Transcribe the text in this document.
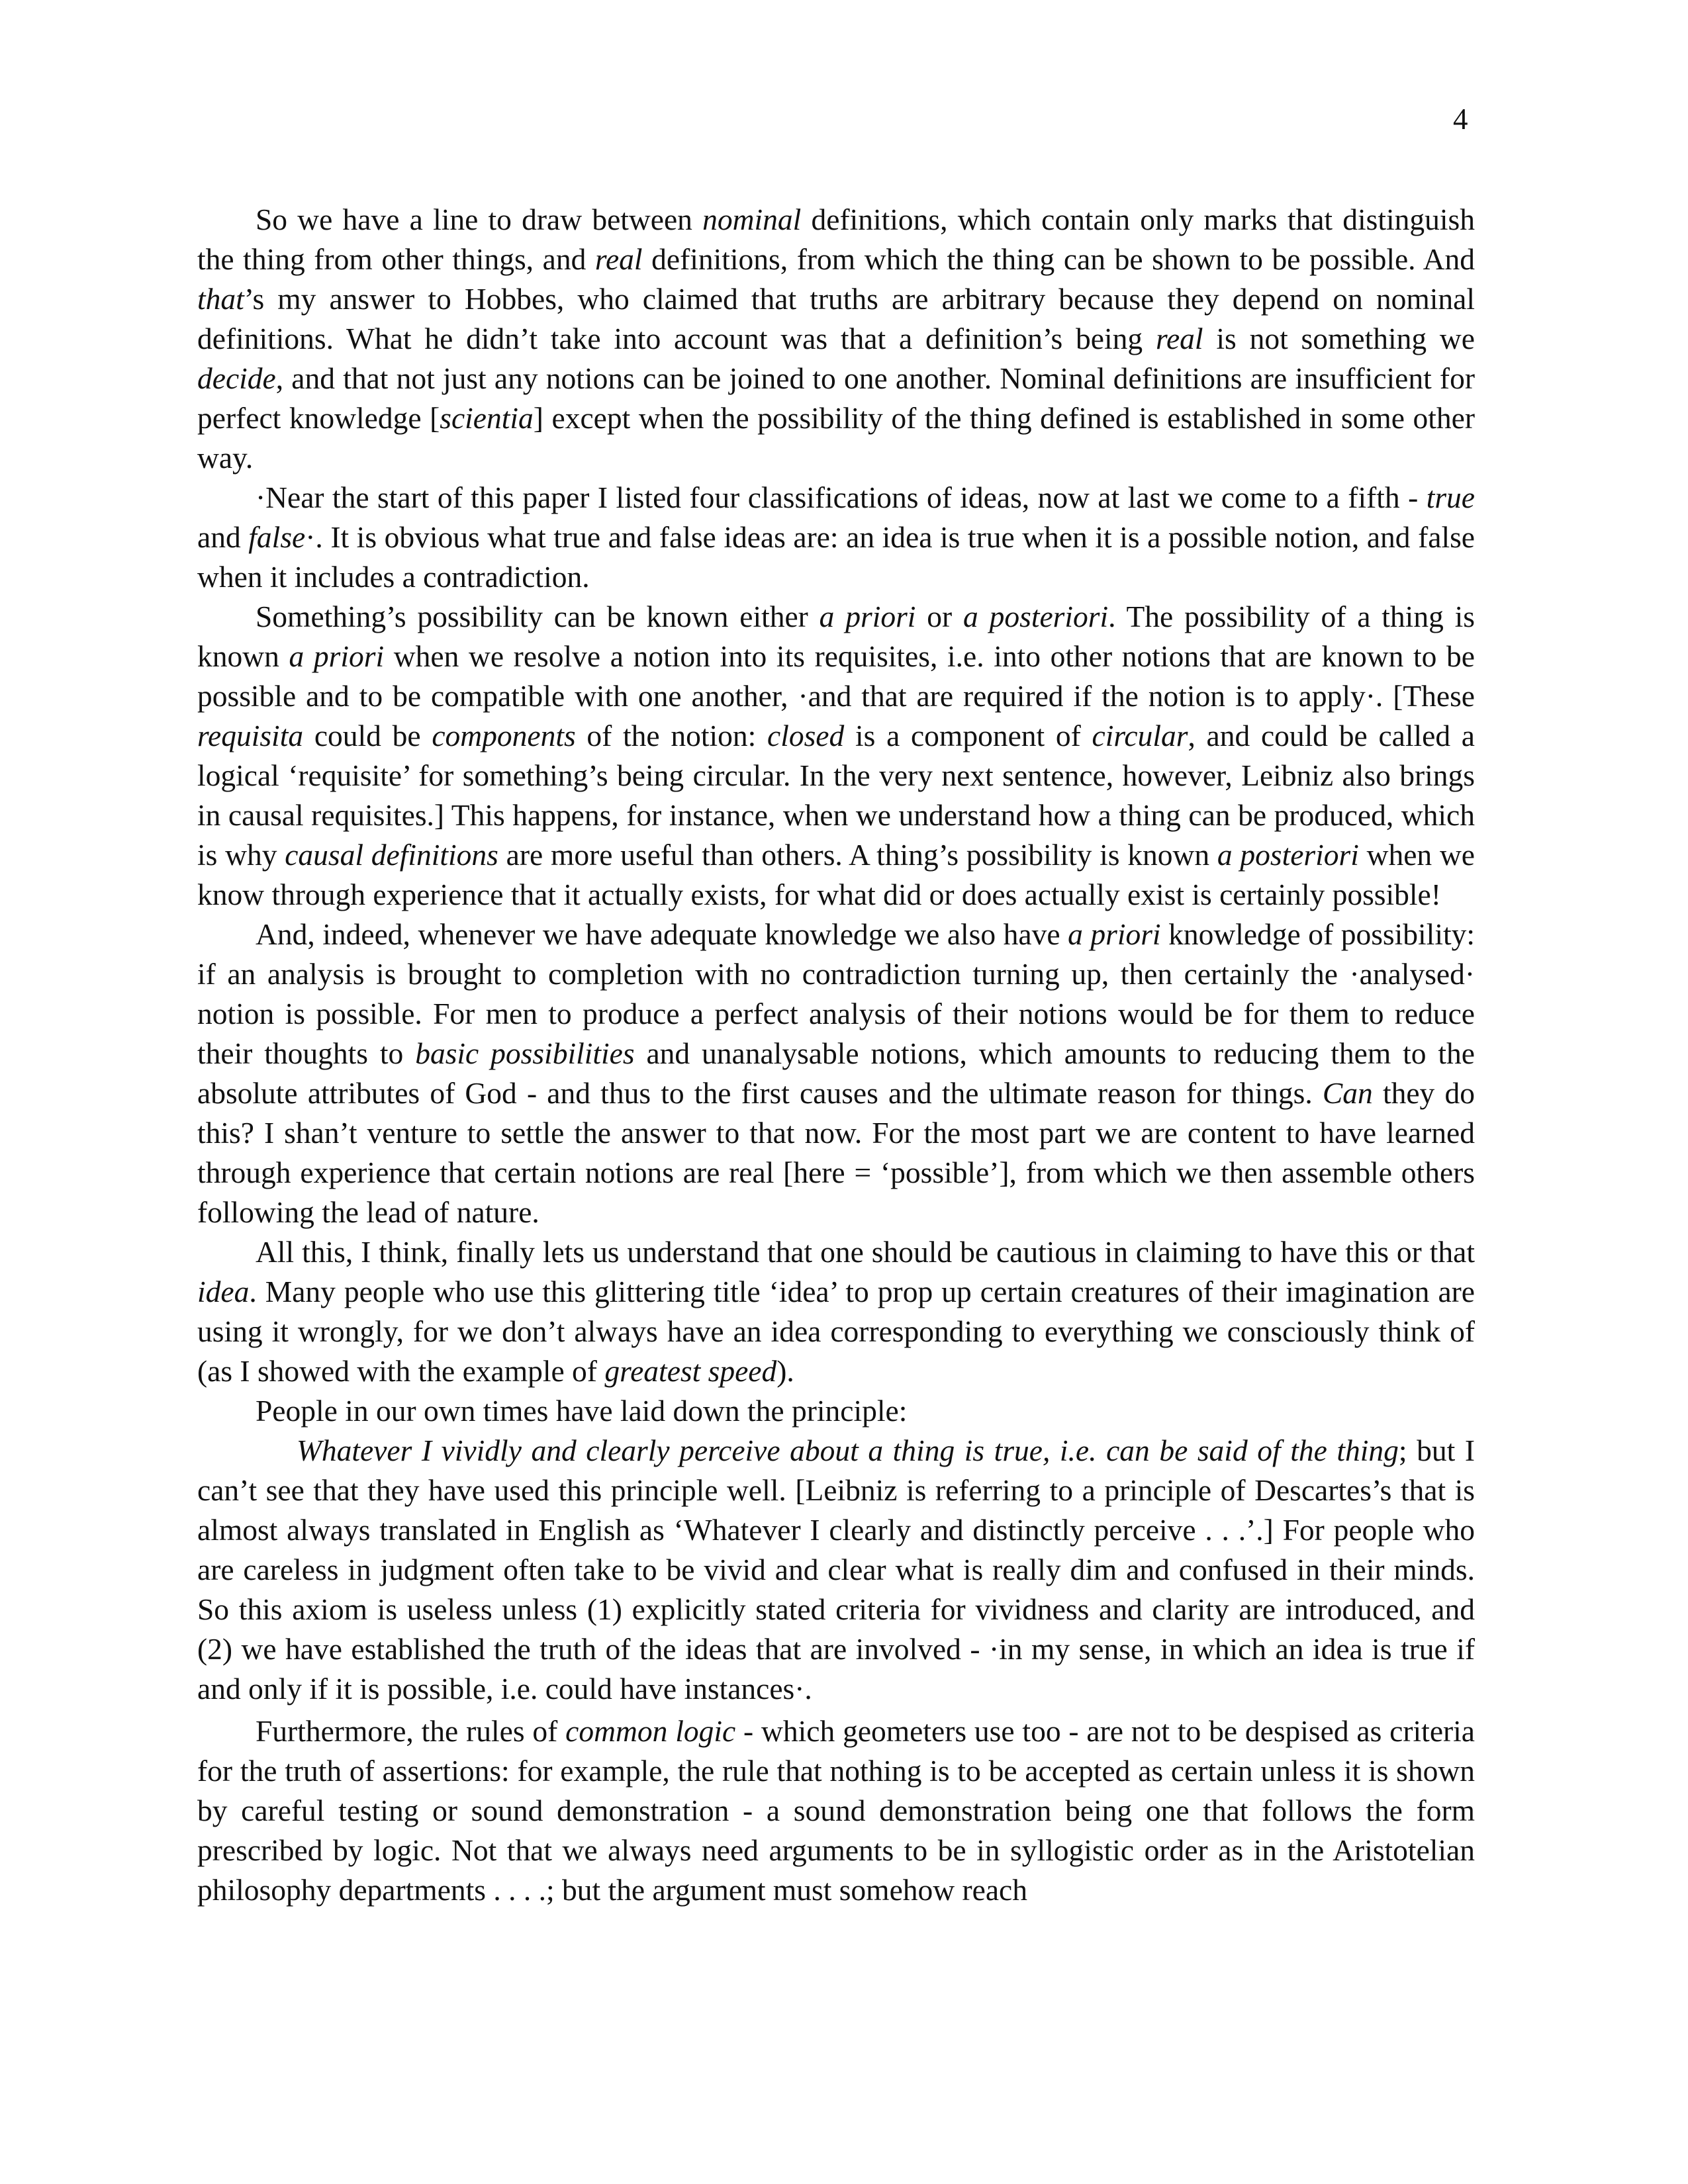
4

So we have a line to draw between nominal definitions, which contain only marks that distinguish the thing from other things, and real definitions, from which the thing can be shown to be possible. And that’s my answer to Hobbes, who claimed that truths are arbitrary because they depend on nominal definitions. What he didn’t take into account was that a definition’s being real is not something we decide, and that not just any notions can be joined to one another. Nominal definitions are insufficient for perfect knowledge [scientia] except when the possibility of the thing defined is established in some other way.

·Near the start of this paper I listed four classifications of ideas, now at last we come to a fifth - true and false·. It is obvious what true and false ideas are: an idea is true when it is a possible notion, and false when it includes a contradiction.

Something’s possibility can be known either a priori or a posteriori. The possibility of a thing is known a priori when we resolve a notion into its requisites, i.e. into other notions that are known to be possible and to be compatible with one another, ·and that are required if the notion is to apply·. [These requisita could be components of the notion: closed is a component of circular, and could be called a logical ‘requisite’ for something’s being circular. In the very next sentence, however, Leibniz also brings in causal requisites.] This happens, for instance, when we understand how a thing can be produced, which is why causal definitions are more useful than others. A thing’s possibility is known a posteriori when we know through experience that it actually exists, for what did or does actually exist is certainly possible!

And, indeed, whenever we have adequate knowledge we also have a priori knowledge of possibility: if an analysis is brought to completion with no contradiction turning up, then certainly the ·analysed· notion is possible. For men to produce a perfect analysis of their notions would be for them to reduce their thoughts to basic possibilities and unanalysable notions, which amounts to reducing them to the absolute attributes of God - and thus to the first causes and the ultimate reason for things. Can they do this? I shan’t venture to settle the answer to that now. For the most part we are content to have learned through experience that certain notions are real [here = ‘possible’], from which we then assemble others following the lead of nature.

All this, I think, finally lets us understand that one should be cautious in claiming to have this or that idea. Many people who use this glittering title ‘idea’ to prop up certain creatures of their imagination are using it wrongly, for we don’t always have an idea corresponding to everything we consciously think of (as I showed with the example of greatest speed).

People in our own times have laid down the principle:

Whatever I vividly and clearly perceive about a thing is true, i.e. can be said of the thing; but I can’t see that they have used this principle well. [Leibniz is referring to a principle of Descartes’s that is almost always translated in English as ‘Whatever I clearly and distinctly perceive . . .’.] For people who are careless in judgment often take to be vivid and clear what is really dim and confused in their minds. So this axiom is useless unless (1) explicitly stated criteria for vividness and clarity are introduced, and (2) we have established the truth of the ideas that are involved - ·in my sense, in which an idea is true if and only if it is possible, i.e. could have instances·.

Furthermore, the rules of common logic - which geometers use too - are not to be despised as criteria for the truth of assertions: for example, the rule that nothing is to be accepted as certain unless it is shown by careful testing or sound demonstration - a sound demonstration being one that follows the form prescribed by logic. Not that we always need arguments to be in syllogistic order as in the Aristotelian philosophy departments . . . .; but the argument must somehow reach
